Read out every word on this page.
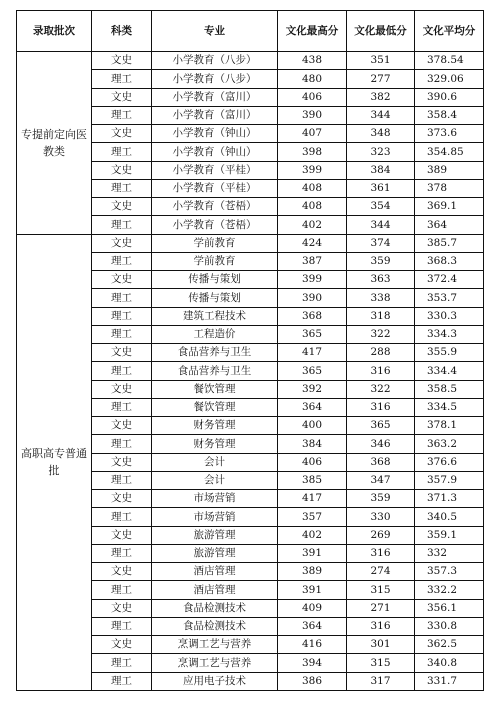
录取批次	科类	专业	文化最高分	文化最低分	文化平均分
专提前定向医教类	文史	小学教育（八步）	438	351	378.54
	理工	小学教育（八步）	480	277	329.06
	文史	小学教育（富川）	406	382	390.6
	理工	小学教育（富川）	390	344	358.4
	文史	小学教育（钟山）	407	348	373.6
	理工	小学教育（钟山）	398	323	354.85
	文史	小学教育（平桂）	399	384	389
	理工	小学教育（平桂）	408	361	378
	文史	小学教育（苍梧）	408	354	369.1
	理工	小学教育（苍梧）	402	344	364
高职高专普通批	文史	学前教育	424	374	385.7
	理工	学前教育	387	359	368.3
	文史	传播与策划	399	363	372.4
	理工	传播与策划	390	338	353.7
	理工	建筑工程技术	368	318	330.3
	理工	工程造价	365	322	334.3
	文史	食品营养与卫生	417	288	355.9
	理工	食品营养与卫生	365	316	334.4
	文史	餐饮管理	392	322	358.5
	理工	餐饮管理	364	316	334.5
	文史	财务管理	400	365	378.1
	理工	财务管理	384	346	363.2
	文史	会计	406	368	376.6
	理工	会计	385	347	357.9
	文史	市场营销	417	359	371.3
	理工	市场营销	357	330	340.5
	文史	旅游管理	402	269	359.1
	理工	旅游管理	391	316	332
	文史	酒店管理	389	274	357.3
	理工	酒店管理	391	315	332.2
	文史	食品检测技术	409	271	356.1
	理工	食品检测技术	364	316	330.8
	文史	烹调工艺与营养	416	301	362.5
	理工	烹调工艺与营养	394	315	340.8
	理工	应用电子技术	386	317	331.7
